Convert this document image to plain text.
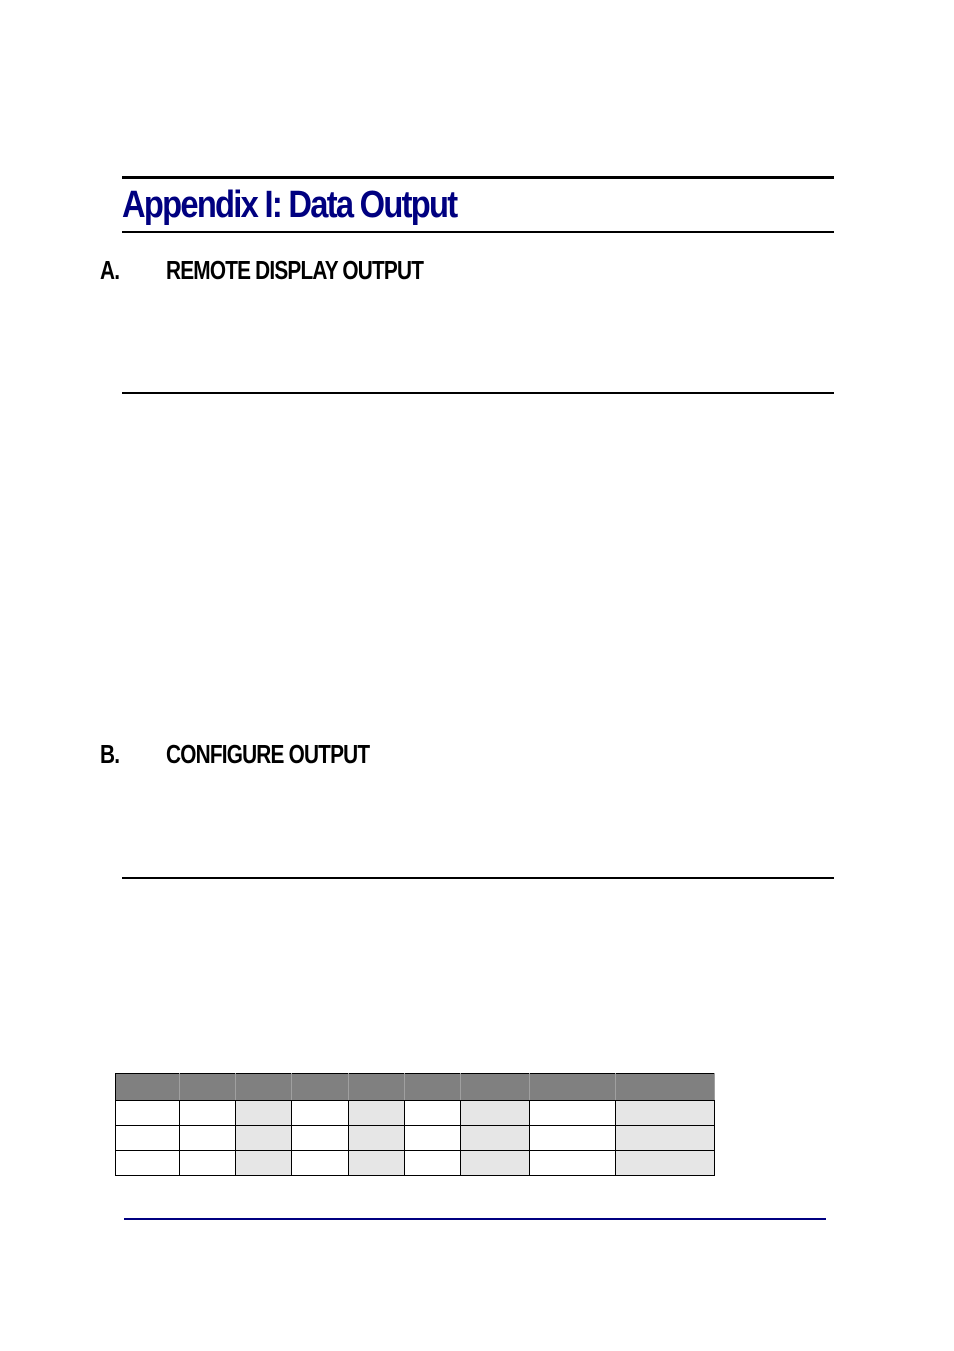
Appendix I: Data Output
A. REMOTE DISPLAY OUTPUT
B. CONFIGURE OUTPUT
